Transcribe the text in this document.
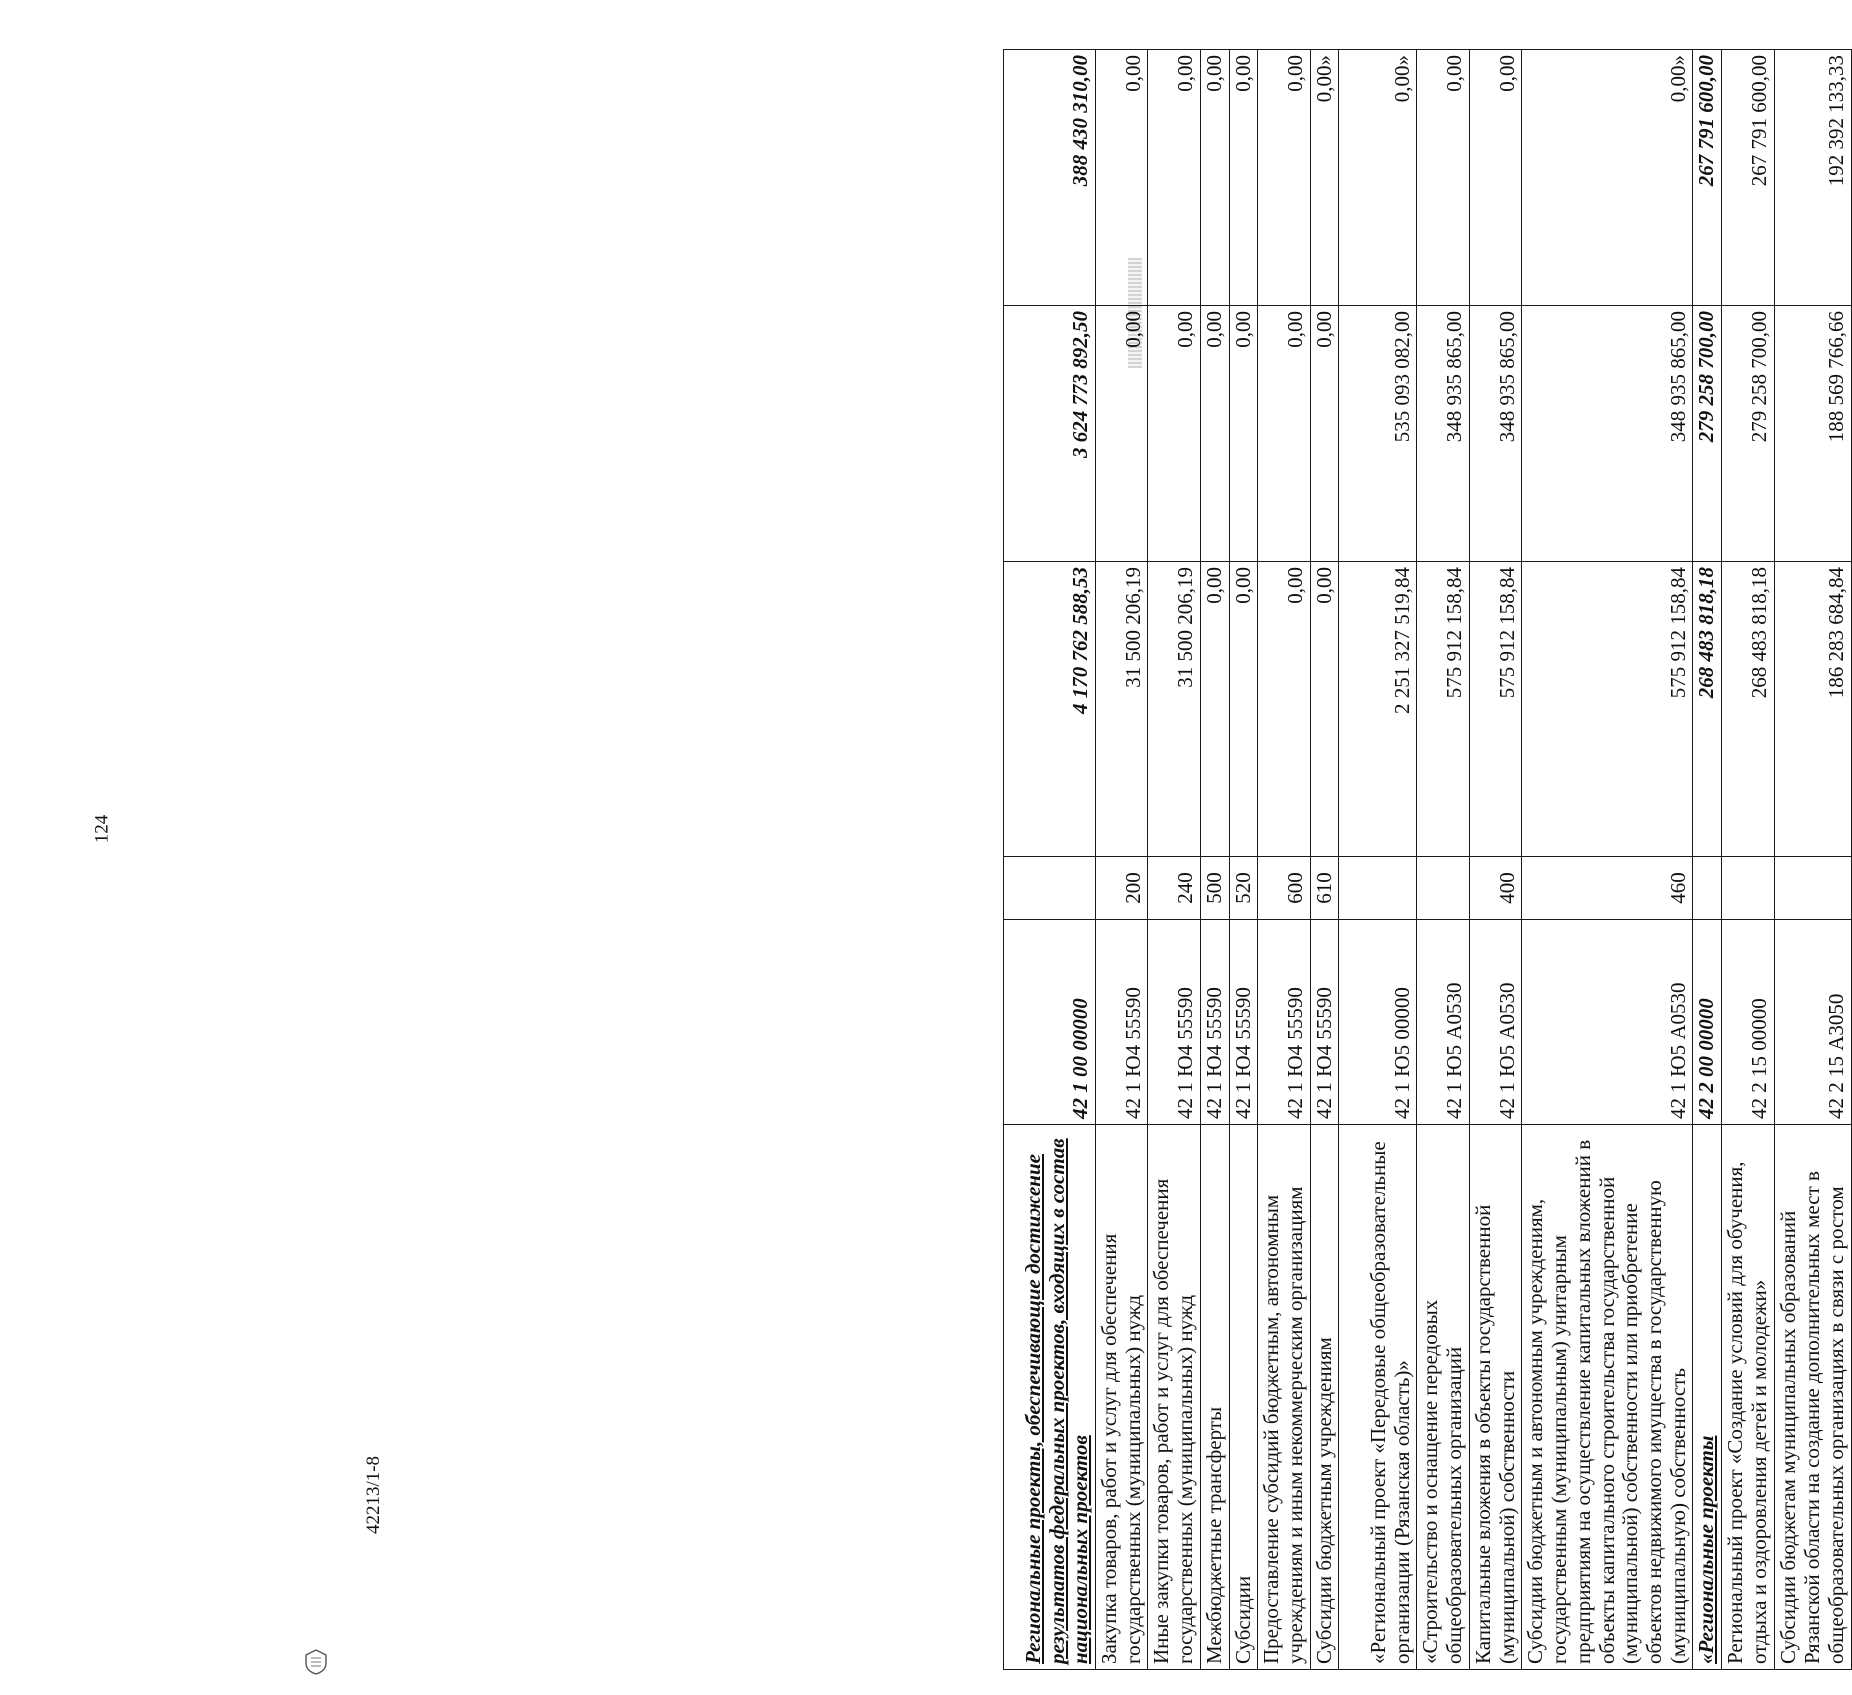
124
42213/1-8	Региональные проекты, обеспечивающие достижение результатов федеральных проектов, входящих в состав национальных проектов	42 1 00 00000		4 170 762 588,53	3 624 773 892,50	388 430 310,00
Закупка товаров, работ и услуг для обеспечения государственных (муниципальных) нужд	42 1 Ю4 55590	200	31 500 206,19	0,00	0,00
Иные закупки товаров, работ и услуг для обеспечения государственных (муниципальных) нужд	42 1 Ю4 55590	240	31 500 206,19	0,00	0,00
Межбюджетные трансферты	42 1 Ю4 55590	500	0,00	0,00	0,00
Субсидии	42 1 Ю4 55590	520	0,00	0,00	0,00
Предоставление субсидий бюджетным, автономным учреждениям и иным некоммерческим организациям	42 1 Ю4 55590	600	0,00	0,00	0,00
Субсидии бюджетным учреждениям	42 1 Ю4 55590	610	0,00	0,00	0,00»
«Региональный проект «Передовые общеобразовательные организации (Рязанская область)»	42 1 Ю5 00000		2 251 327 519,84	535 093 082,00	0,00»
«Строительство и оснащение передовых общеобразовательных организаций	42 1 Ю5 А0530		575 912 158,84	348 935 865,00	0,00
Капитальные вложения в объекты государственной (муниципальной) собственности	42 1 Ю5 А0530	400	575 912 158,84	348 935 865,00	0,00
Субсидии бюджетным и автономным учреждениям, государственным (муниципальным) унитарным предприятиям на осуществление капитальных вложений в объекты капитального строительства государственной (муниципальной) собственности или приобретение объектов недвижимого имущества в государственную (муниципальную) собственность	42 1 Ю5 А0530	460	575 912 158,84	348 935 865,00	0,00»
«Региональные проекты	42 2 00 00000		268 483 818,18	279 258 700,00	267 791 600,00
Региональный проект «Создание условий для обучения, отдыха и оздоровления детей и молодежи»	42 2 15 00000		268 483 818,18	279 258 700,00	267 791 600,00
Субсидии бюджетам муниципальных образований Рязанской области на создание дополнительных мест в общеобразовательных организациях в связи с ростом	42 2 15 А3050		186 283 684,84	188 569 766,66	192 392 133,33
